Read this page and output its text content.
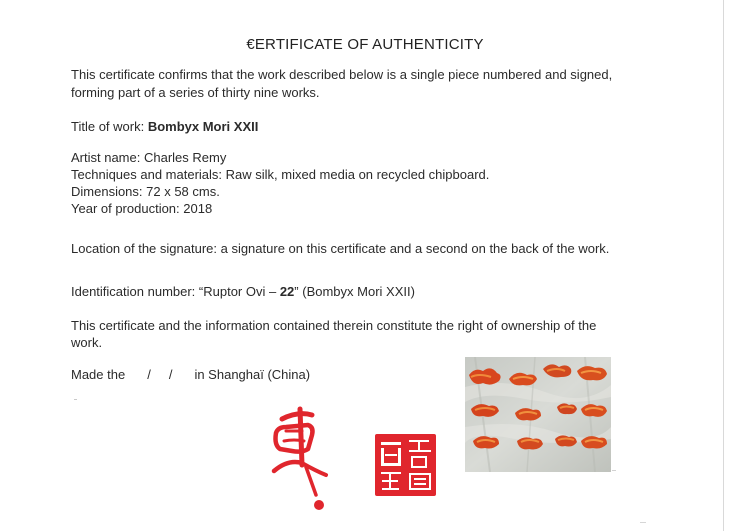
€ERTIFICATE OF AUTHENTICITY
This certificate confirms that the work described below is a single piece numbered and signed,
forming part of a series of thirty nine works.
Title of work: Bombyx Mori XXII
Artist name: Charles Remy
Techniques and materials: Raw silk, mixed media on recycled chipboard.
Dimensions: 72 x 58 cms.
Year of production: 2018
Location of the signature: a signature on this certificate and a second on the back of the work.
Identification number: “Ruptor Ovi – 22” (Bombyx Mori XXII)
This certificate and the information contained therein constitute the right of ownership of the
work.
Made the / / in Shanghaï (China)
